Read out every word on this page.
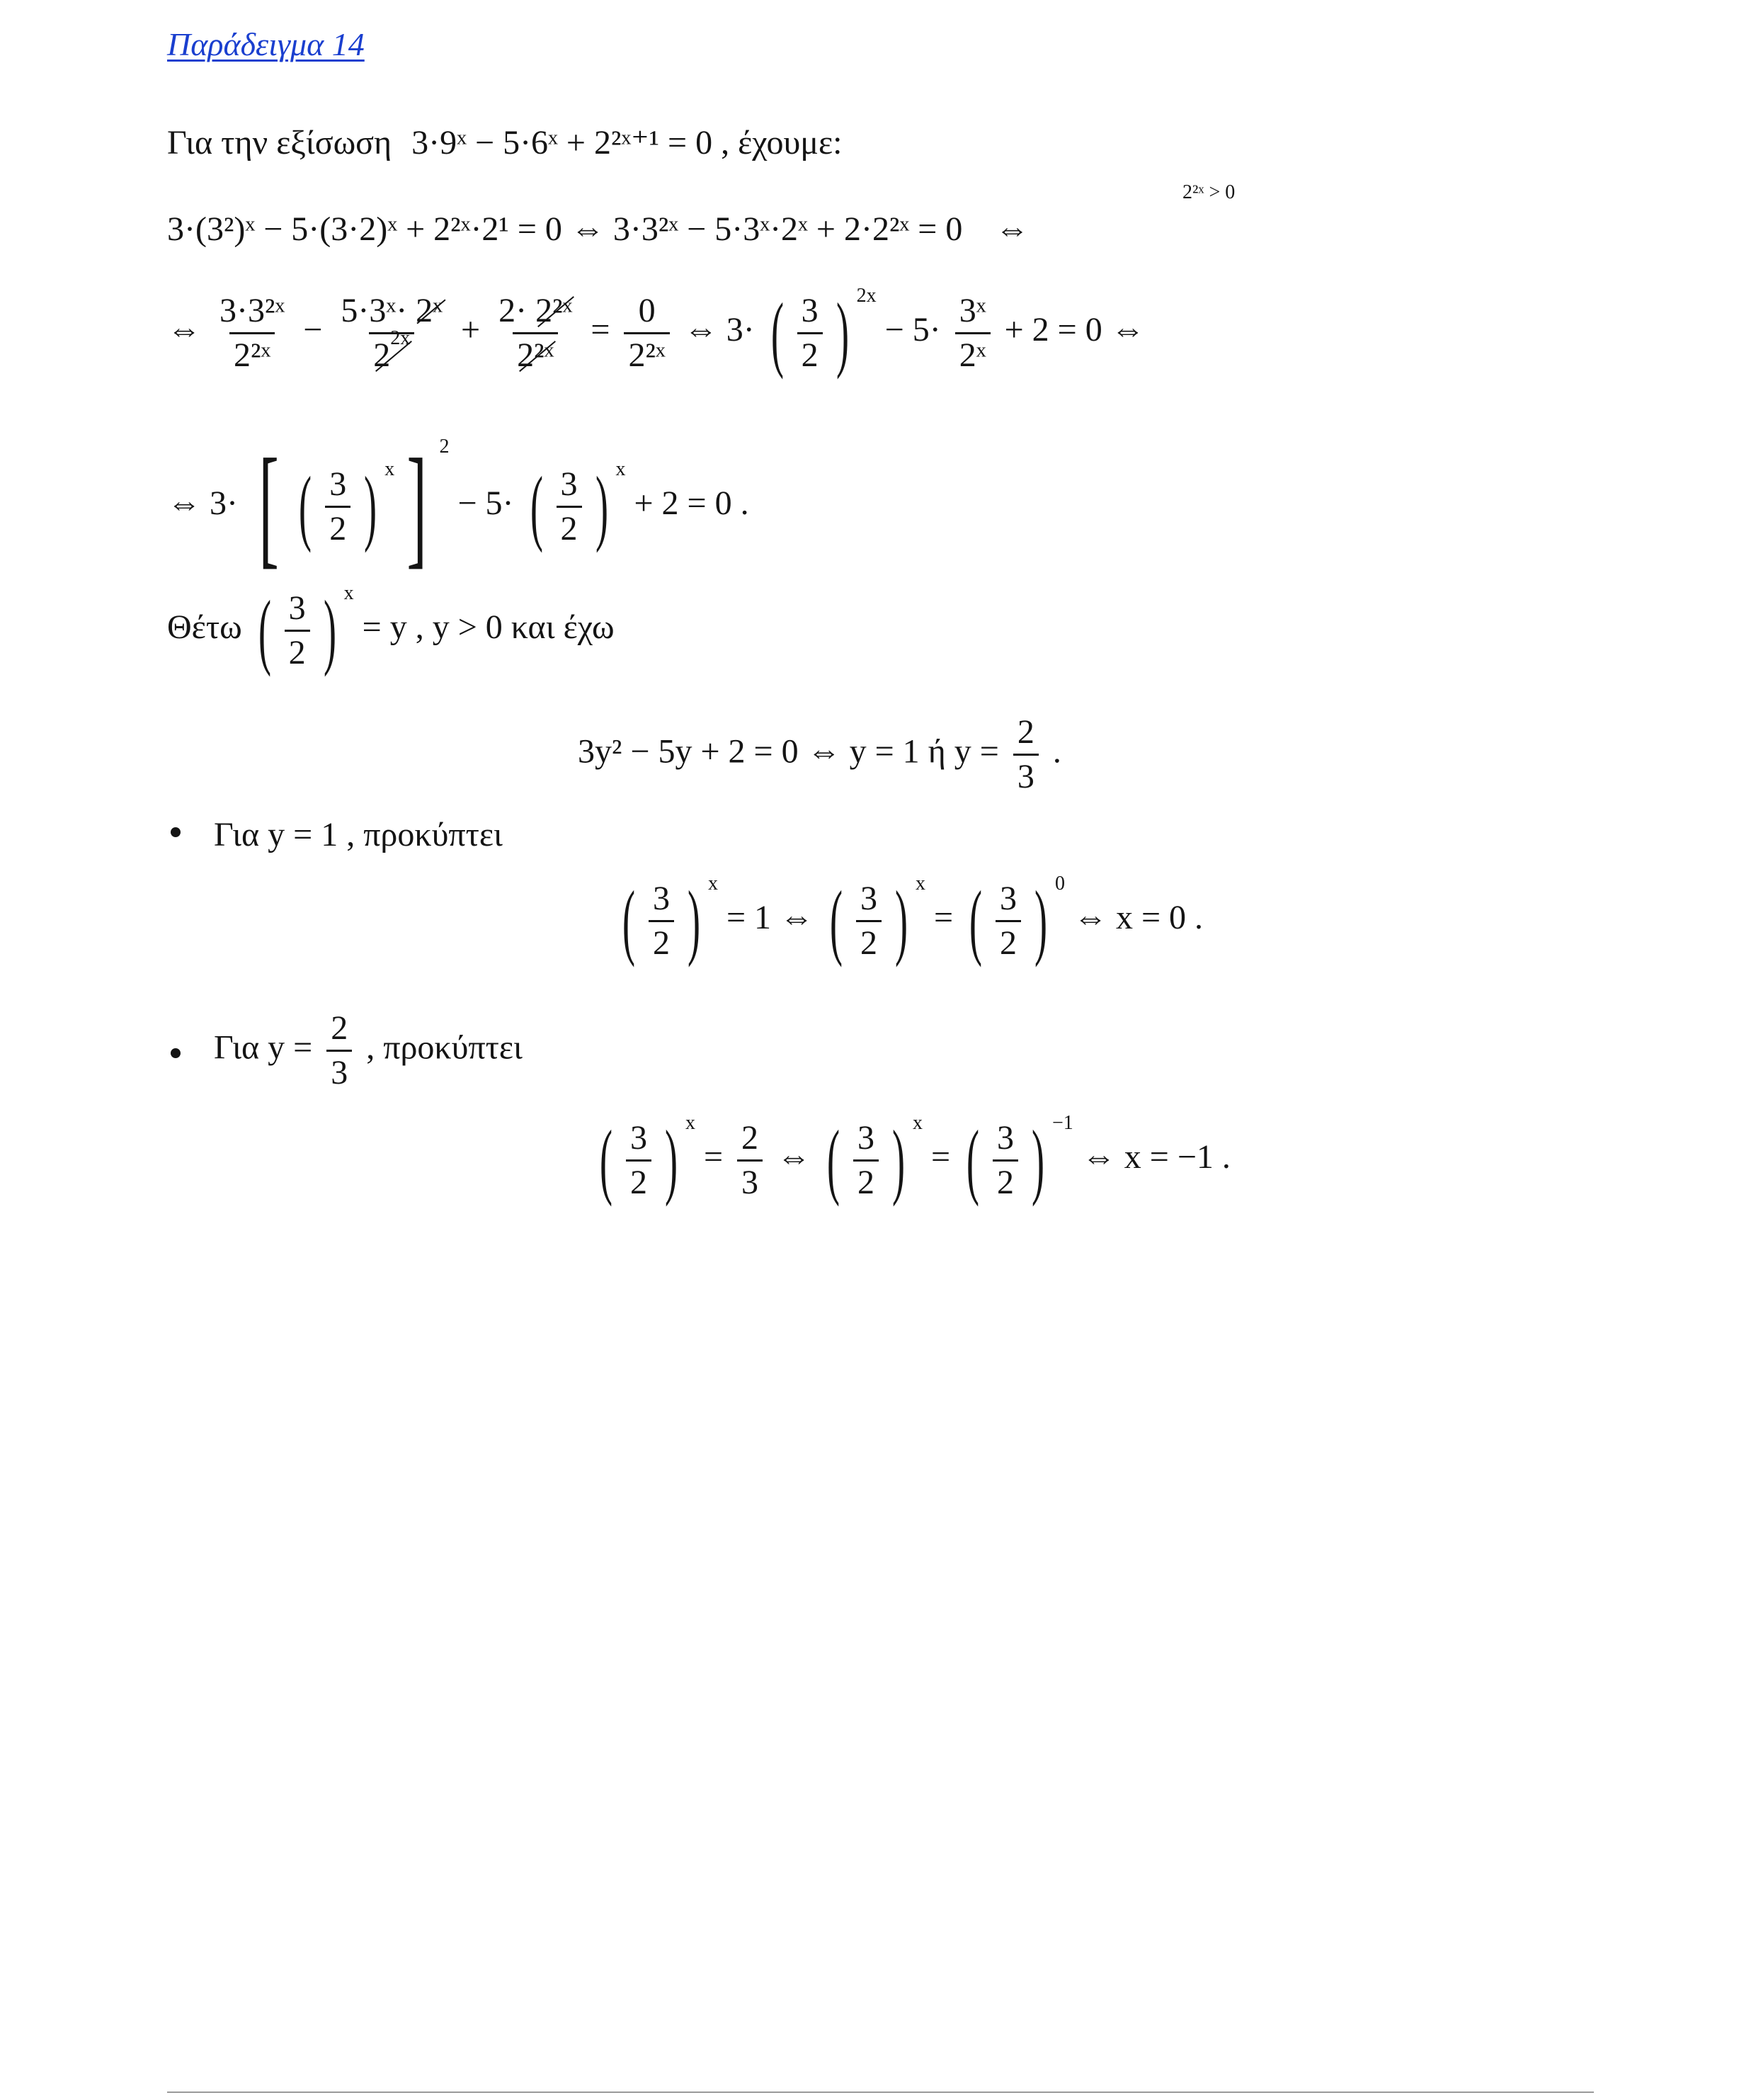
Παράδειγμα 14
Για την εξίσωση 3·9ˣ − 5·6ˣ + 2²ˣ⁺¹ = 0 , έχουμε:
3·(3²)ˣ − 5·(3·2)ˣ + 2²ˣ·2¹ = 0 ⇔ 3·3²ˣ − 5·3ˣ·2ˣ + 2·2²ˣ = 0 ⇔
2²ˣ > 0
⇔ $\frac{\text{3·3²ˣ}}{\text{2²ˣ}} - \frac{\text{5·3ˣ· 2ˣ}}{2^{2x}} + \frac{\text{2· 2²ˣ}}{\text{2²ˣ}} = \frac{0}{\text{2²ˣ}}$ ⇔ 3· ( $\frac{3}{2}$ ) 2x
− $5\cdot \frac{\text{3ˣ}}{\text{2ˣ}} + 2 = 0$ ⇔
⇔ 3· [ ( $\frac{3}{2}$ ) x ] 2
− 5· ( $\frac{3}{2}$ ) x
+ 2 = 0 .
Θέτω ( $\frac{3}{2}$ ) x
= y , y > 0 και έχω
3y² − 5y + 2 = 0 ⇔ y = 1 ή $y = \frac{2}{3}$ .
Για y = 1 , προκύπτει
( $\frac{3}{2}$ ) x
= 1 ⇔ ( $\frac{3}{2}$ ) x
= ( $\frac{3}{2}$ ) 0
⇔ x = 0 .
Για $y = \frac{2}{3}$ , προκύπτει
( $\frac{3}{2}$ ) x
= $\frac{2}{3}$ ⇔ ( $\frac{3}{2}$ ) x
= ( $\frac{3}{2}$ ) −1
⇔ x = −1 .
